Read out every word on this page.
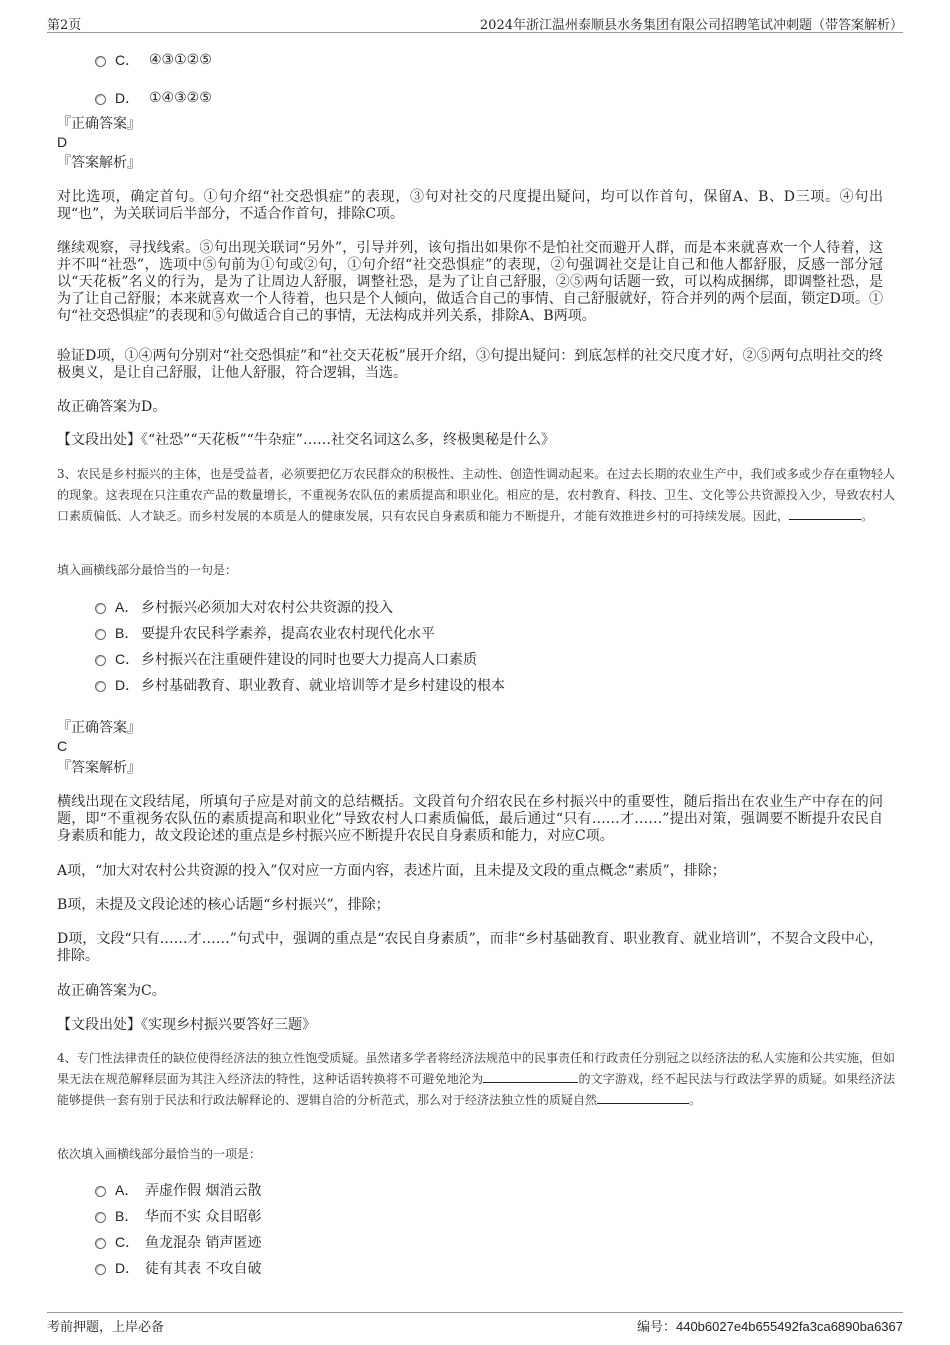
第2页	2024年浙江温州泰顺县水务集团有限公司招聘笔试冲刺题（带答案解析）
C． ④③①②⑤
D． ①④③②⑤
『正确答案』
D
『答案解析』
对比选项，确定首句。①句介绍“社交恐惧症”的表现，③句对社交的尺度提出疑问，均可以作首句，保留A、B、D三项。④句出现“也”，为关联词后半部分，不适合作首句，排除C项。
继续观察，寻找线索。⑤句出现关联词“另外”，引导并列，该句指出如果你不是怕社交而避开人群，而是本来就喜欢一个人待着，这并不叫“社恐”，选项中⑤句前为①句或②句，①句介绍“社交恐惧症”的表现，②句强调社交是让自己和他人都舒服，反感一部分冠以“天花板”名义的行为，是为了让周边人舒服，调整社恐，是为了让自己舒服，②⑤两句话题一致，可以构成捆绑，即调整社恐，是为了让自己舒服；本来就喜欢一个人待着，也只是个人倾向，做适合自己的事情、自己舒服就好，符合并列的两个层面，锁定D项。①句“社交恐惧症”的表现和⑤句做适合自己的事情，无法构成并列关系，排除A、B两项。
验证D项，①④两句分别对“社交恐惧症”和“社交天花板”展开介绍，③句提出疑问：到底怎样的社交尺度才好，②⑤两句点明社交的终极奥义，是让自己舒服，让他人舒服，符合逻辑，当选。
故正确答案为D。
【文段出处】《“社恐”“天花板”“牛杂症”……社交名词这么多，终极奥秘是什么》
3、农民是乡村振兴的主体，也是受益者，必须要把亿万农民群众的积极性、主动性、创造性调动起来。在过去长期的农业生产中，我们或多或少存在重物轻人的现象。这表现在只注重农产品的数量增长，不重视务农队伍的素质提高和职业化。相应的是，农村教育、科技、卫生、文化等公共资源投入少，导致农村人口素质偏低、人才缺乏。而乡村发展的本质是人的健康发展，只有农民自身素质和能力不断提升，才能有效推进乡村的可持续发展。因此，	。
填入画横线部分最恰当的一句是：
A． 乡村振兴必须加大对农村公共资源的投入
B． 要提升农民科学素养，提高农业农村现代化水平
C． 乡村振兴在注重硬件建设的同时也要大力提高人口素质
D． 乡村基础教育、职业教育、就业培训等才是乡村建设的根本
『正确答案』
C
『答案解析』
横线出现在文段结尾，所填句子应是对前文的总结概括。文段首句介绍农民在乡村振兴中的重要性，随后指出在农业生产中存在的问题，即“不重视务农队伍的素质提高和职业化”导致农村人口素质偏低，最后通过“只有……才……”提出对策，强调要不断提升农民自身素质和能力，故文段论述的重点是乡村振兴应不断提升农民自身素质和能力，对应C项。
A项，“加大对农村公共资源的投入”仅对应一方面内容，表述片面，且未提及文段的重点概念“素质”，排除；
B项，未提及文段论述的核心话题“乡村振兴”，排除；
D项，文段“只有……才……”句式中，强调的重点是“农民自身素质”，而非“乡村基础教育、职业教育、就业培训”，不契合文段中心，排除。
故正确答案为C。
【文段出处】《实现乡村振兴要答好三题》
4、专门性法律责任的缺位使得经济法的独立性饱受质疑。虽然诸多学者将经济法规范中的民事责任和行政责任分别冠之以经济法的私人实施和公共实施，但如果无法在规范解释层面为其注入经济法的特性，这种话语转换将不可避免地沦为	的文字游戏，经不起民法与行政法学界的质疑。如果经济法能够提供一套有别于民法和行政法解释论的、逻辑自洽的分析范式，那么对于经济法独立性的质疑自然	。
依次填入画横线部分最恰当的一项是：
A． 弄虚作假 烟消云散
B． 华而不实 众目昭彰
C． 鱼龙混杂 销声匿迹
D． 徒有其表 不攻自破
考前押题，上岸必备	编号：440b6027e4b655492fa3ca6890ba6367
